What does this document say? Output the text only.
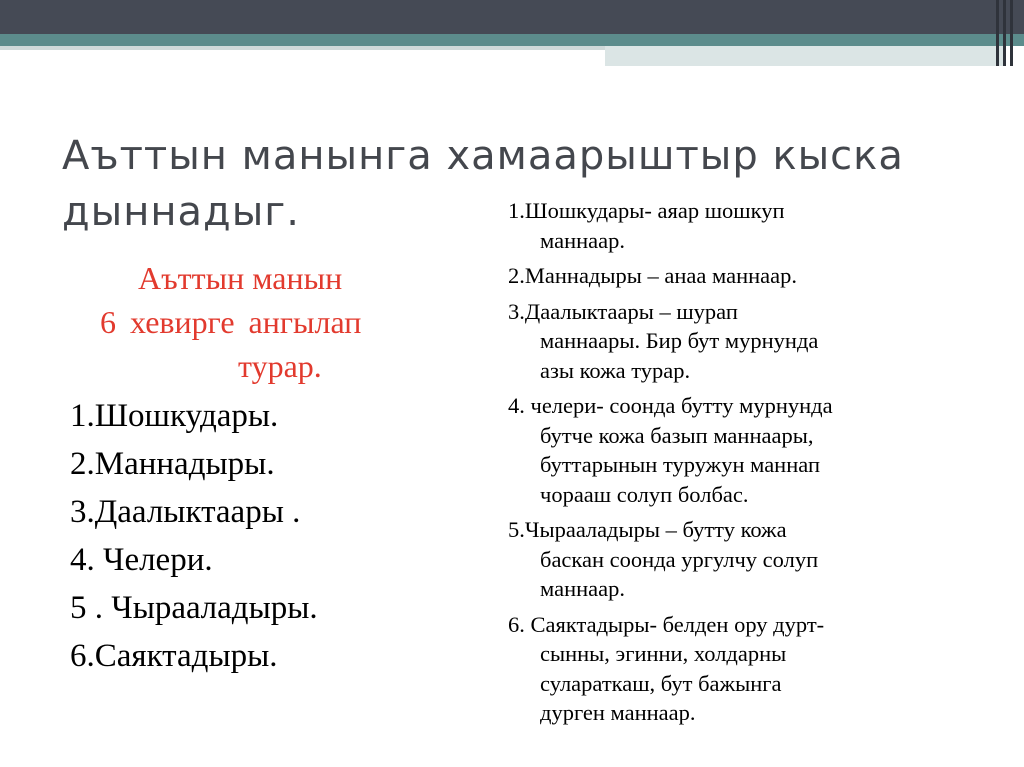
Аъттын манынга хамаарыштыр кыска
дыннадыг.
Аъттын манын
6 хевирге ангылап
турар.
1.Шошкудары.
2.Маннадыры.
3.Даалыктаары .
4. Челери.
5 . Чыраaладыры.
6.Саяктадыры.
1.Шошкудары- аяар шошкуп
маннаар.
2.Маннадыры – анаа маннаар.
3.Даалыктаары – шурап
маннаары. Бир бут мурнунда
азы кожа турар.
4. челери- соонда бутту мурнунда
бутче кожа базып маннаары,
буттарынын туружун маннап
чорааш солуп болбас.
5.Чыраaладыры – бутту кожа
баскан соонда ургулчу солуп
маннаар.
6. Саяктадыры- белден ору дурт-
сынны, эгинни, холдарны
сулараткаш, бут бажынга
дурген маннаар.
